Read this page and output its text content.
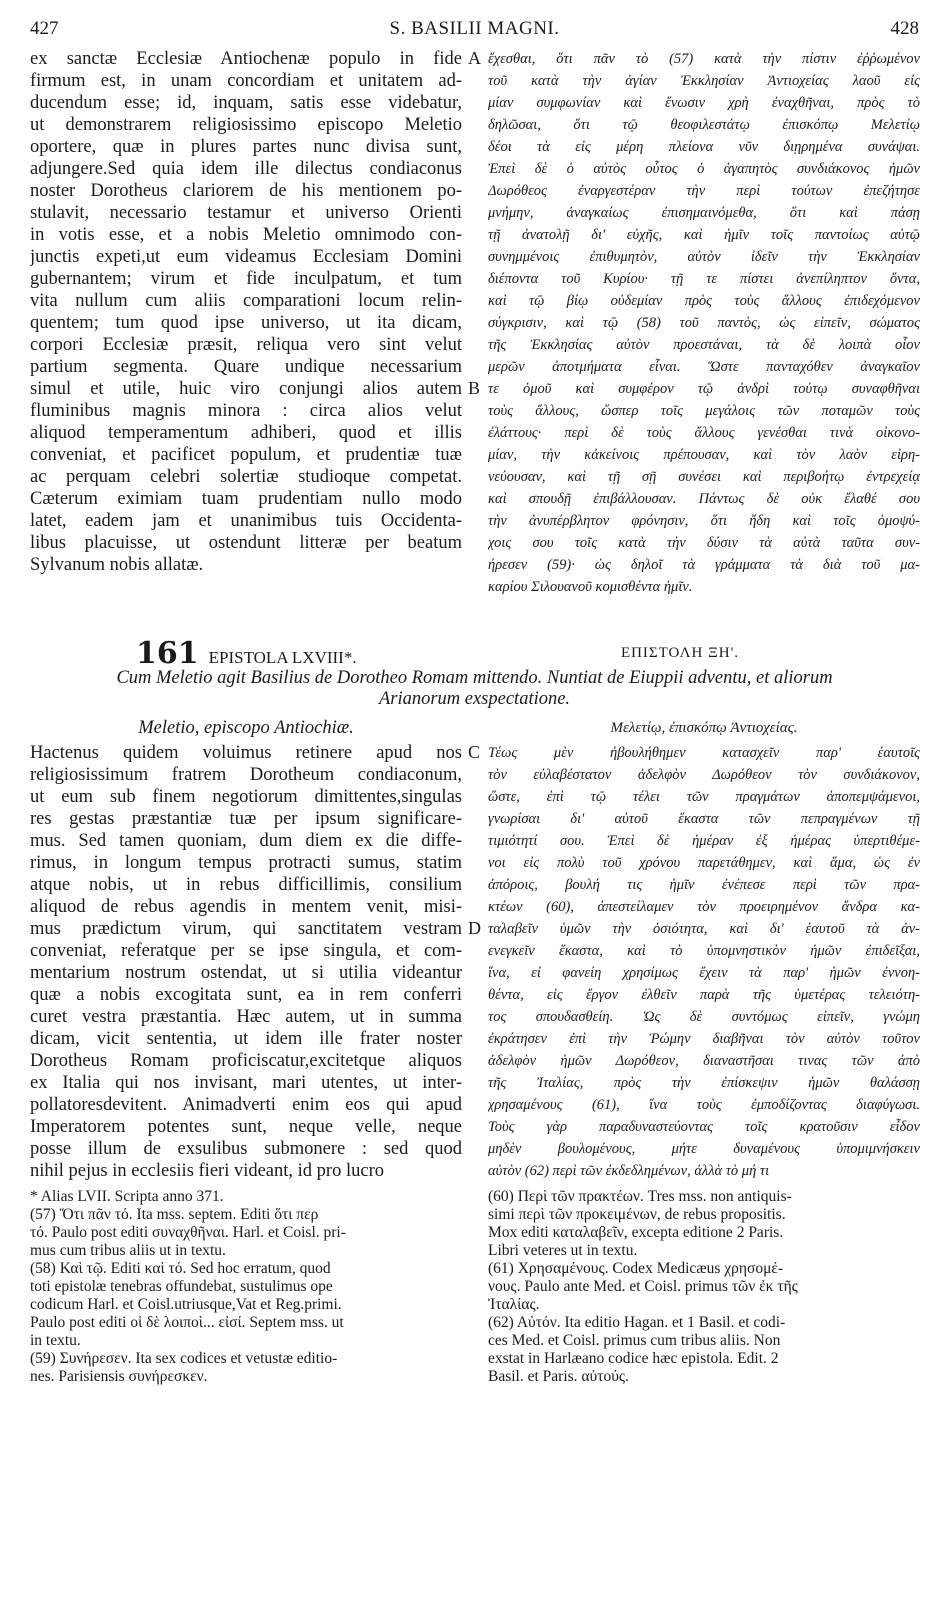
427	S. BASILII MAGNI.	428
ex sanctæ Ecclesiæ Antiochenæ populo in fide
firmum est, in unam concordiam et unitatem ad-
ducendum esse; id, inquam, satis esse videbatur,
ut demonstrarem religiosissimo episcopo Meletio
oportere, quæ in plures partes nunc divisa sunt,
adjungere.Sed quia idem ille dilectus condiaconus
noster Dorotheus clariorem de his mentionem po-
stulavit, necessario testamur et universo Orienti
in votis esse, et a nobis Meletio omnimodo con-
junctis expeti,ut eum videamus Ecclesiam Domini
gubernantem; virum et fide inculpatum, et tum
vita nullum cum aliis comparationi locum relin-
quentem; tum quod ipse universo, ut ita dicam,
corpori Ecclesiæ præsit, reliqua vero sint velut
partium segmenta. Quare undique necessarium
simul et utile, huic viro conjungi alios autem
fluminibus magnis minora : circa alios velut
aliquod temperamentum adhiberi, quod et illis
conveniat, et pacificet populum, et prudentiæ tuæ
ac perquam celebri solertiæ studioque competat.
Cæterum eximiam tuam prudentiam nullo modo
latet, eadem jam et unanimibus tuis Occidenta-
libus placuisse, ut ostendunt litteræ per beatum
Sylvanum nobis allatæ.
ἔχεσθαι, ὅτι πᾶν τὸ (57) κατὰ τὴν πίστιν ἐῤῥωμένον
τοῦ κατὰ τὴν ἁγίαν Ἐκκλησίαν Ἀντιοχείας λαοῦ εἰς
μίαν συμφωνίαν καὶ ἕνωσιν χρὴ ἐναχθῆναι, πρὸς τὸ
δηλῶσαι, ὅτι τῷ θεοφιλεστάτῳ ἐπισκόπῳ Μελετίῳ
δέοι τὰ εἰς μέρη πλείονα νῦν διῃρημένα συνάψαι.
Ἐπεὶ δὲ ὁ αὐτὸς οὗτος ὁ ἀγαπητὸς συνδιάκονος ἡμῶν
Δωρόθεος ἐναργεστέραν τὴν περὶ τούτων ἐπεζήτησε
μνήμην, ἀναγκαίως ἐπισημαινόμεθα, ὅτι καὶ πάσῃ
τῇ ἀνατολῇ δι' εὐχῆς, καὶ ἡμῖν τοῖς παντοίως αὐτῷ
συνημμένοις ἐπιθυμητὸν, αὐτὸν ἰδεῖν τὴν Ἐκκλησίαν
διέποντα τοῦ Κυρίου· τῇ τε πίστει ἀνεπίληπτον ὄντα,
καὶ τῷ βίῳ οὐδεμίαν πρὸς τοὺς ἄλλους ἐπιδεχόμενον
σύγκρισιν, καὶ τῷ (58) τοῦ παντὸς, ὡς εἰπεῖν, σώματος
τῆς Ἐκκλησίας αὐτὸν προεστάναι, τὰ δὲ λοιπὰ οἷον
μερῶν ἀποτμήματα εἶναι. Ὥστε πανταχόθεν ἀναγκαῖον
τε ὁμοῦ καὶ συμφέρον τῷ ἀνδρὶ τούτῳ συναφθῆναι
τοὺς ἄλλους, ὥσπερ τοῖς μεγάλοις τῶν ποταμῶν τοὺς
ἐλάττους· περὶ δὲ τοὺς ἄλλους γενέσθαι τινὰ οἰκονο-
μίαν, τὴν κἀκείνοις πρέπουσαν, καὶ τὸν λαὸν εἰρη-
νεύουσαν, καὶ τῇ σῇ συνέσει καὶ περιβοήτῳ ἐντρεχείᾳ
καὶ σπουδῇ ἐπιβάλλουσαν. Πάντως δὲ οὐκ ἔλαθέ σου
τὴν ἀνυπέρβλητον φρόνησιν, ὅτι ἤδη καὶ τοῖς ὁμοψύ-
χοις σου τοῖς κατὰ τὴν δύσιν τὰ αὐτὰ ταῦτα συν-
ήρεσεν (59)· ὡς δηλοῖ τὰ γράμματα τὰ διὰ τοῦ μα-
καρίου Σιλουανοῦ κομισθέντα ἡμῖν.
A
B
161 EPISTOLA LXVIII*.	ΕΠΙΣΤΟΛΗ ΞΗ'.
Cum Meletio agit Basilius de Dorotheo Romam mittendo. Nuntiat de Eiuppii adventu, et aliorum
Arianorum exspectatione.
Meletio, episcopo Antiochiæ.	Μελετίῳ, ἐπισκόπῳ Ἀντιοχείας.
Hactenus quidem voluimus retinere apud nos
religiosissimum fratrem Dorotheum condiaconum,
ut eum sub finem negotiorum dimittentes,singulas
res gestas præstantiæ tuæ per ipsum significare-
mus. Sed tamen quoniam, dum diem ex die diffe-
rimus, in longum tempus protracti sumus, statim
atque nobis, ut in rebus difficillimis, consilium
aliquod de rebus agendis in mentem venit, misi-
mus prædictum virum, qui sanctitatem vestram
conveniat, referatque per se ipse singula, et com-
mentarium nostrum ostendat, ut si utilia videantur
quæ a nobis excogitata sunt, ea in rem conferri
curet vestra præstantia. Hæc autem, ut in summa
dicam, vicit sententia, ut idem ille frater noster
Dorotheus Romam proficiscatur,excitetque aliquos
ex Italia qui nos invisant, mari utentes, ut inter-
pollatoresdevitent. Animadverti enim eos qui apud
Imperatorem potentes sunt, neque velle, neque
posse illum de exsulibus submonere : sed quod
nihil pejus in ecclesiis fieri videant, id pro lucro
Τέως μὲν ἠβουλήθημεν κατασχεῖν παρ' ἑαυτοῖς
τὸν εὐλαβέστατον ἀδελφὸν Δωρόθεον τὸν συνδιάκονον,
ὥστε, ἐπὶ τῷ τέλει τῶν πραγμάτων ἀποπεμψάμενοι,
γνωρίσαι δι' αὐτοῦ ἕκαστα τῶν πεπραγμένων τῇ
τιμιότητί σου. Ἐπεὶ δὲ ἡμέραν ἐξ ἡμέρας ὑπερτιθέμε-
νοι εἰς πολὺ τοῦ χρόνου παρετάθημεν, καὶ ἅμα, ὡς ἐν
ἀπόροις, βουλή τις ἡμῖν ἐνέπεσε περὶ τῶν πρα-
κτέων (60), ἀπεστείλαμεν τὸν προειρημένον ἄνδρα κα-
ταλαβεῖν ὑμῶν τὴν ὁσιότητα, καὶ δι' ἑαυτοῦ τὰ ἀν-
ενεγκεῖν ἕκαστα, καὶ τὸ ὑπομνηστικὸν ἡμῶν ἐπιδεῖξαι,
ἵνα, εἰ φανείη χρησίμως ἔχειν τὰ παρ' ἡμῶν ἐννοη-
θέντα, εἰς ἔργον ἐλθεῖν παρὰ τῆς ὑμετέρας τελειότη-
τος σπουδασθείη. Ὡς δὲ συντόμως εἰπεῖν, γνώμη
ἐκράτησεν ἐπὶ τὴν Ῥώμην διαβῆναι τὸν αὐτὸν τοῦτον
ἀδελφὸν ἡμῶν Δωρόθεον, διαναστῆσαι τινας τῶν ἀπὸ
τῆς Ἰταλίας, πρὸς τὴν ἐπίσκεψιν ἡμῶν θαλάσσῃ
χρησαμένους (61), ἵνα τοὺς ἐμποδίζοντας διαφύγωσι.
Τοὺς γὰρ παραδυναστεύοντας τοῖς κρατοῦσιν εἶδον
μηδὲν βουλομένους, μήτε δυναμένους ὑπομιμνήσκειν
αὐτὸν (62) περὶ τῶν ἐκδεδλημένων, ἀλλὰ τὸ μή τι
C
D
* Alias LVII. Scripta anno 371.
(57) Ὅτι πᾶν τό. Ita mss. septem. Editi ὅτι περ
τό. Paulo post editi συναχθῆναι. Harl. et Coisl. pri-
mus cum tribus aliis ut in textu.
(58) Καὶ τῷ. Editi καὶ τό. Sed hoc erratum, quod
toti epistolæ tenebras offundebat, sustulimus ope
codicum Harl. et Coisl.utriusque,Vat et Reg.primi.
Paulo post editi οἱ δὲ λοιποὶ... εἰσί. Septem mss. ut
in textu.
(59) Συνήρεσεν. Ita sex codices et vetustæ editio-
nes. Parisiensis συνήρεσκεν.
(60) Περὶ τῶν πρακτέων. Tres mss. non antiquis-
simi περὶ τῶν προκειμένων, de rebus propositis.
Mox editi καταλαβεῖν, excepta editione 2 Paris.
Libri veteres ut in textu.
(61) Χρησαμένους. Codex Medicæus χρησομέ-
νους. Paulo ante Med. et Coisl. primus τῶν ἐκ τῆς
Ἰταλίας.
(62) Αὐτόν. Ita editio Hagan. et 1 Basil. et codi-
ces Med. et Coisl. primus cum tribus aliis. Non
exstat in Harlæano codice hæc epistola. Edit. 2
Basil. et Paris. αὐτούς.
